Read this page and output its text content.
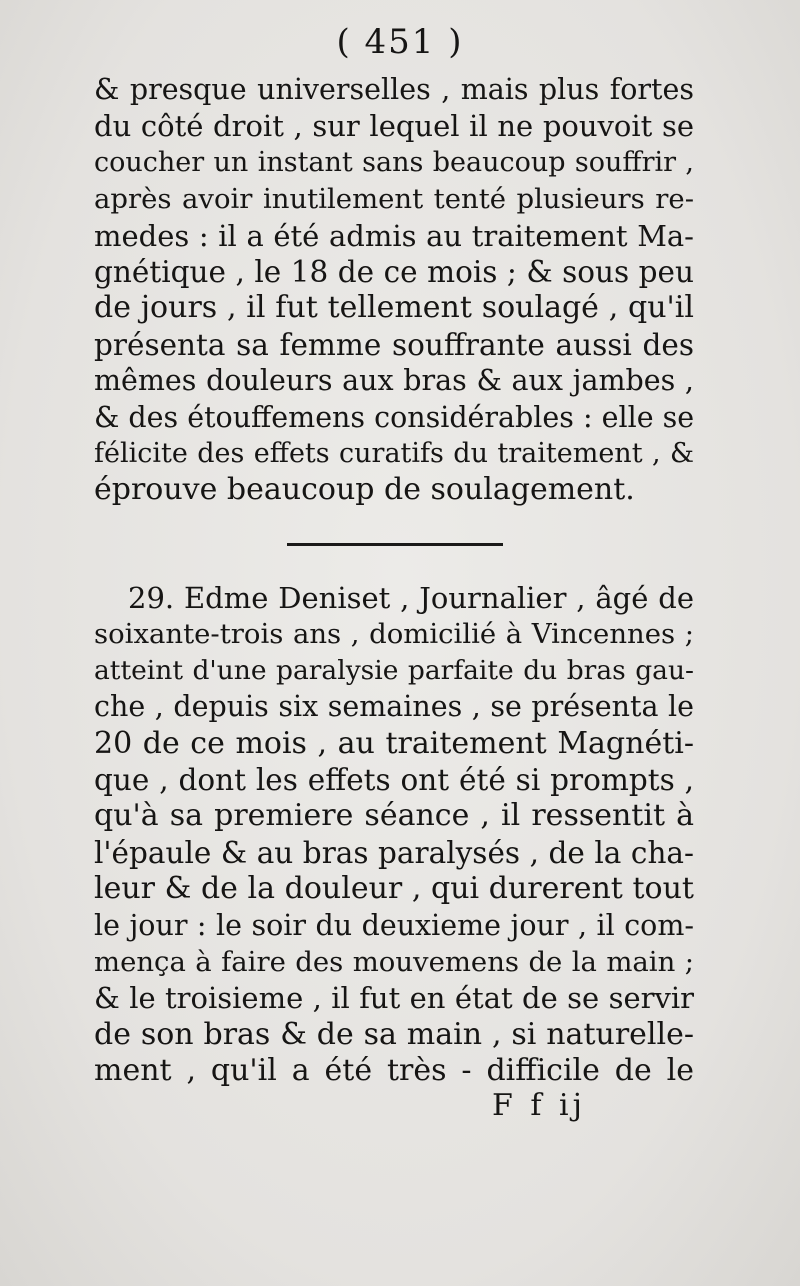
( 451 )
& presque universelles , mais plus fortes
du côté droit , sur lequel il ne pouvoit se
coucher un instant sans beaucoup souffrir ,
après avoir inutilement tenté plusieurs re-
medes : il a été admis au traitement Ma-
gnétique , le 18 de ce mois ; & sous peu
de jours , il fut tellement soulagé , qu'il
présenta sa femme souffrante aussi des
mêmes douleurs aux bras & aux jambes ,
& des étouffemens considérables : elle se
félicite des effets curatifs du traitement , &
éprouve beaucoup de soulagement.
29. Edme Deniset , Journalier , âgé de
soixante-trois ans , domicilié à Vincennes ;
atteint d'une paralysie parfaite du bras gau-
che , depuis six semaines , se présenta le
20 de ce mois , au traitement Magnéti-
que , dont les effets ont été si prompts ,
qu'à sa premiere séance , il ressentit à
l'épaule & au bras paralysés , de la cha-
leur & de la douleur , qui durerent tout
le jour : le soir du deuxieme jour , il com-
mença à faire des mouvemens de la main ;
& le troisieme , il fut en état de se servir
de son bras & de sa main , si naturelle-
ment , qu'il a été très - difficile de le
F f ij
